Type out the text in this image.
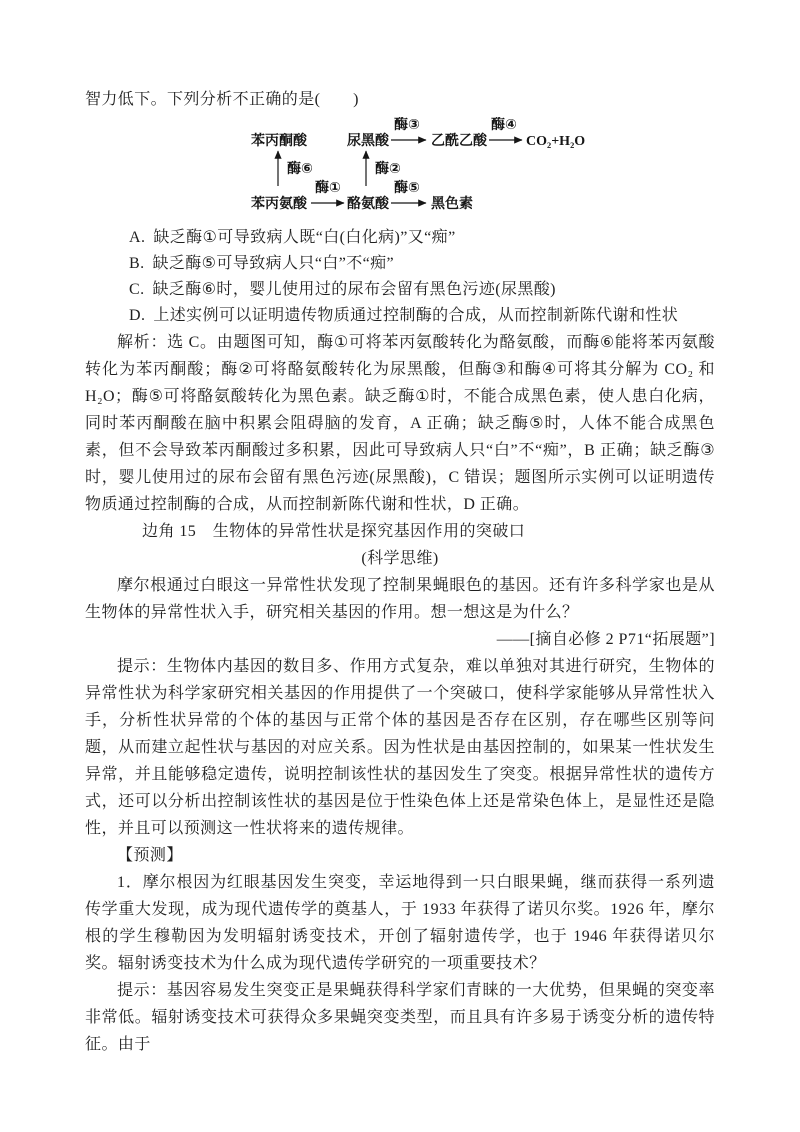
智力低下。下列分析不正确的是(　　)

苯丙酮酸	尿黑酸
酶③
乙酰乙酸
酶④
CO₂+H₂O
酶⑥	酶②
苯丙氨酸
酶①
酪氨酸
酶⑤
黑色素

A. 缺乏酶①可导致病人既“白(白化病)”又“痴”

B. 缺乏酶⑤可导致病人只“白”不“痴”

C. 缺乏酶⑥时，婴儿使用过的尿布会留有黑色污迹(尿黑酸)

D. 上述实例可以证明遗传物质通过控制酶的合成，从而控制新陈代谢和性状

解析：选 C。由题图可知，酶①可将苯丙氨酸转化为酪氨酸，而酶⑥能将苯丙氨酸转化为苯丙酮酸；酶②可将酪氨酸转化为尿黑酸，但酶③和酶④可将其分解为 CO₂ 和 H₂O；酶⑤可将酪氨酸转化为黑色素。缺乏酶①时，不能合成黑色素，使人患白化病，同时苯丙酮酸在脑中积累会阻碍脑的发育，A 正确；缺乏酶⑤时，人体不能合成黑色素，但不会导致苯丙酮酸过多积累，因此可导致病人只“白”不“痴”，B 正确；缺乏酶③时，婴儿使用过的尿布会留有黑色污迹(尿黑酸)，C 错误；题图所示实例可以证明遗传物质通过控制酶的合成，从而控制新陈代谢和性状，D 正确。

边角 15　生物体的异常性状是探究基因作用的突破口

(科学思维)

摩尔根通过白眼这一异常性状发现了控制果蝇眼色的基因。还有许多科学家也是从生物体的异常性状入手，研究相关基因的作用。想一想这是为什么？

——[摘自必修 2 P71“拓展题”]

提示：生物体内基因的数目多、作用方式复杂，难以单独对其进行研究，生物体的异常性状为科学家研究相关基因的作用提供了一个突破口，使科学家能够从异常性状入手，分析性状异常的个体的基因与正常个体的基因是否存在区别，存在哪些区别等问题，从而建立起性状与基因的对应关系。因为性状是由基因控制的，如果某一性状发生异常，并且能够稳定遗传，说明控制该性状的基因发生了突变。根据异常性状的遗传方式，还可以分析出控制该性状的基因是位于性染色体上还是常染色体上，是显性还是隐性，并且可以预测这一性状将来的遗传规律。

【预测】

1．摩尔根因为红眼基因发生突变，幸运地得到一只白眼果蝇，继而获得一系列遗传学重大发现，成为现代遗传学的奠基人，于 1933 年获得了诺贝尔奖。1926 年，摩尔根的学生穆勒因为发明辐射诱变技术，开创了辐射遗传学，也于 1946 年获得诺贝尔奖。辐射诱变技术为什么成为现代遗传学研究的一项重要技术？

提示：基因容易发生突变正是果蝇获得科学家们青睐的一大优势，但果蝇的突变率非常低。辐射诱变技术可获得众多果蝇突变类型，而且具有许多易于诱变分析的遗传特征。由于
